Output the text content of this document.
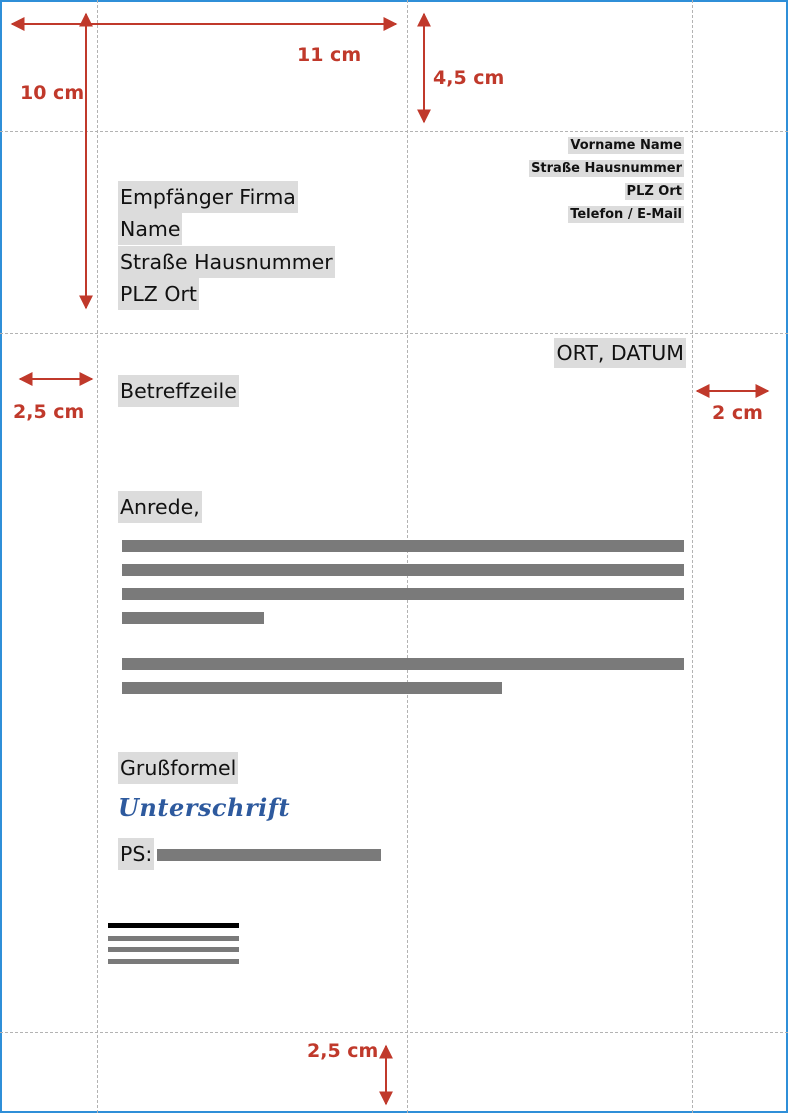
11 cm
10 cm
4,5 cm
2,5 cm	2 cm
2,5 cm
Vorname Name
Straße Hausnummer
PLZ Ort
Telefon / E-Mail
Empfänger Firma
Name
Straße Hausnummer
PLZ Ort
ORT, DATUM
Betreffzeile
Anrede,
Grußformel
Unterschrift
PS:
